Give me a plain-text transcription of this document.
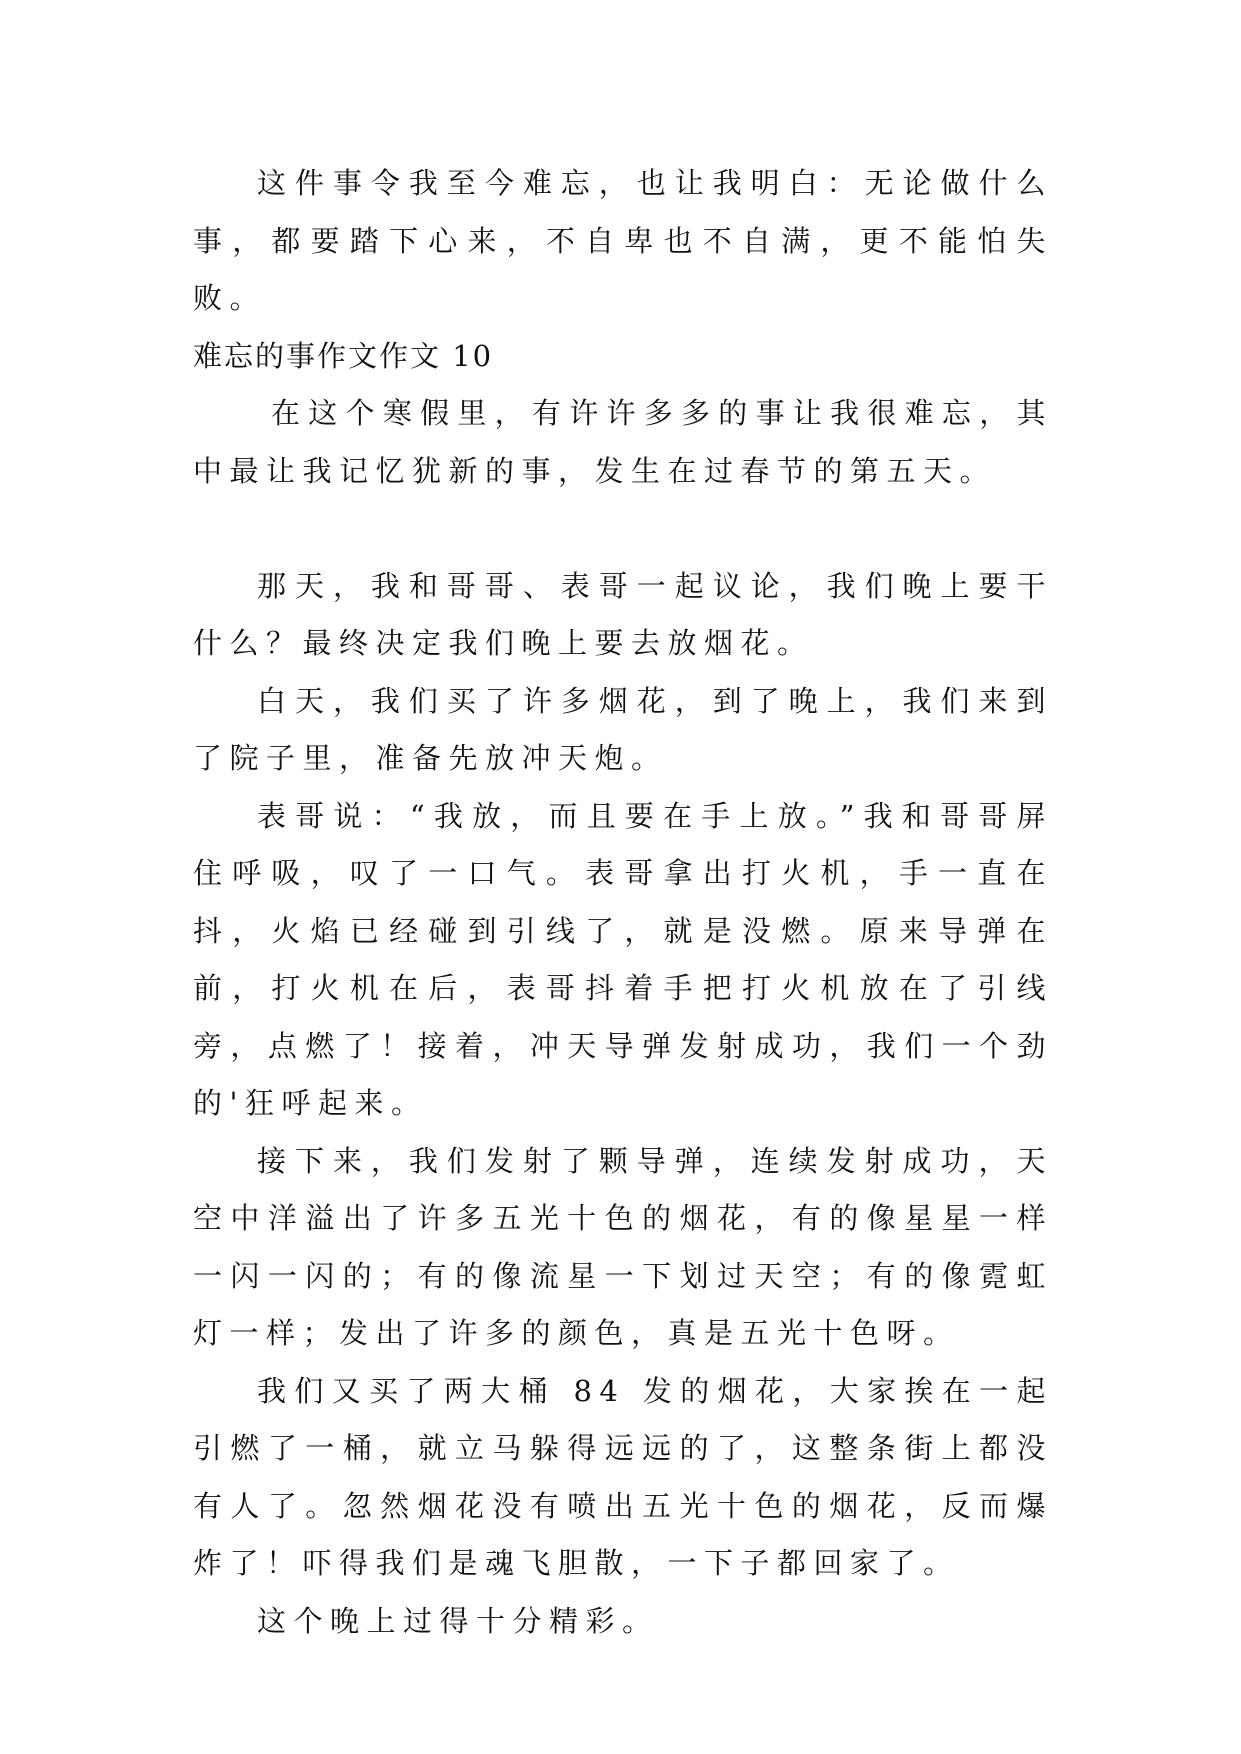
这件事令我至今难忘，也让我明白：无论做什么事，都要踏下心来，不自卑也不自满，更不能怕失败。

难忘的事作文作文 10

在这个寒假里，有许许多多的事让我很难忘，其中最让我记忆犹新的事，发生在过春节的第五天。

那天，我和哥哥、表哥一起议论，我们晚上要干什么？最终决定我们晚上要去放烟花。

白天，我们买了许多烟花，到了晚上，我们来到了院子里，准备先放冲天炮。

表哥说：“我放，而且要在手上放。”我和哥哥屏住呼吸，叹了一口气。表哥拿出打火机，手一直在抖，火焰已经碰到引线了，就是没燃。原来导弹在前，打火机在后，表哥抖着手把打火机放在了引线旁，点燃了！接着，冲天导弹发射成功，我们一个劲的'狂呼起来。

接下来，我们发射了颗导弹，连续发射成功，天空中洋溢出了许多五光十色的烟花，有的像星星一样一闪一闪的；有的像流星一下划过天空；有的像霓虹灯一样；发出了许多的颜色，真是五光十色呀。

我们又买了两大桶 84 发的烟花，大家挨在一起引燃了一桶，就立马躲得远远的了，这整条街上都没有人了。忽然烟花没有喷出五光十色的烟花，反而爆炸了！吓得我们是魂飞胆散，一下子都回家了。

这个晚上过得十分精彩。
